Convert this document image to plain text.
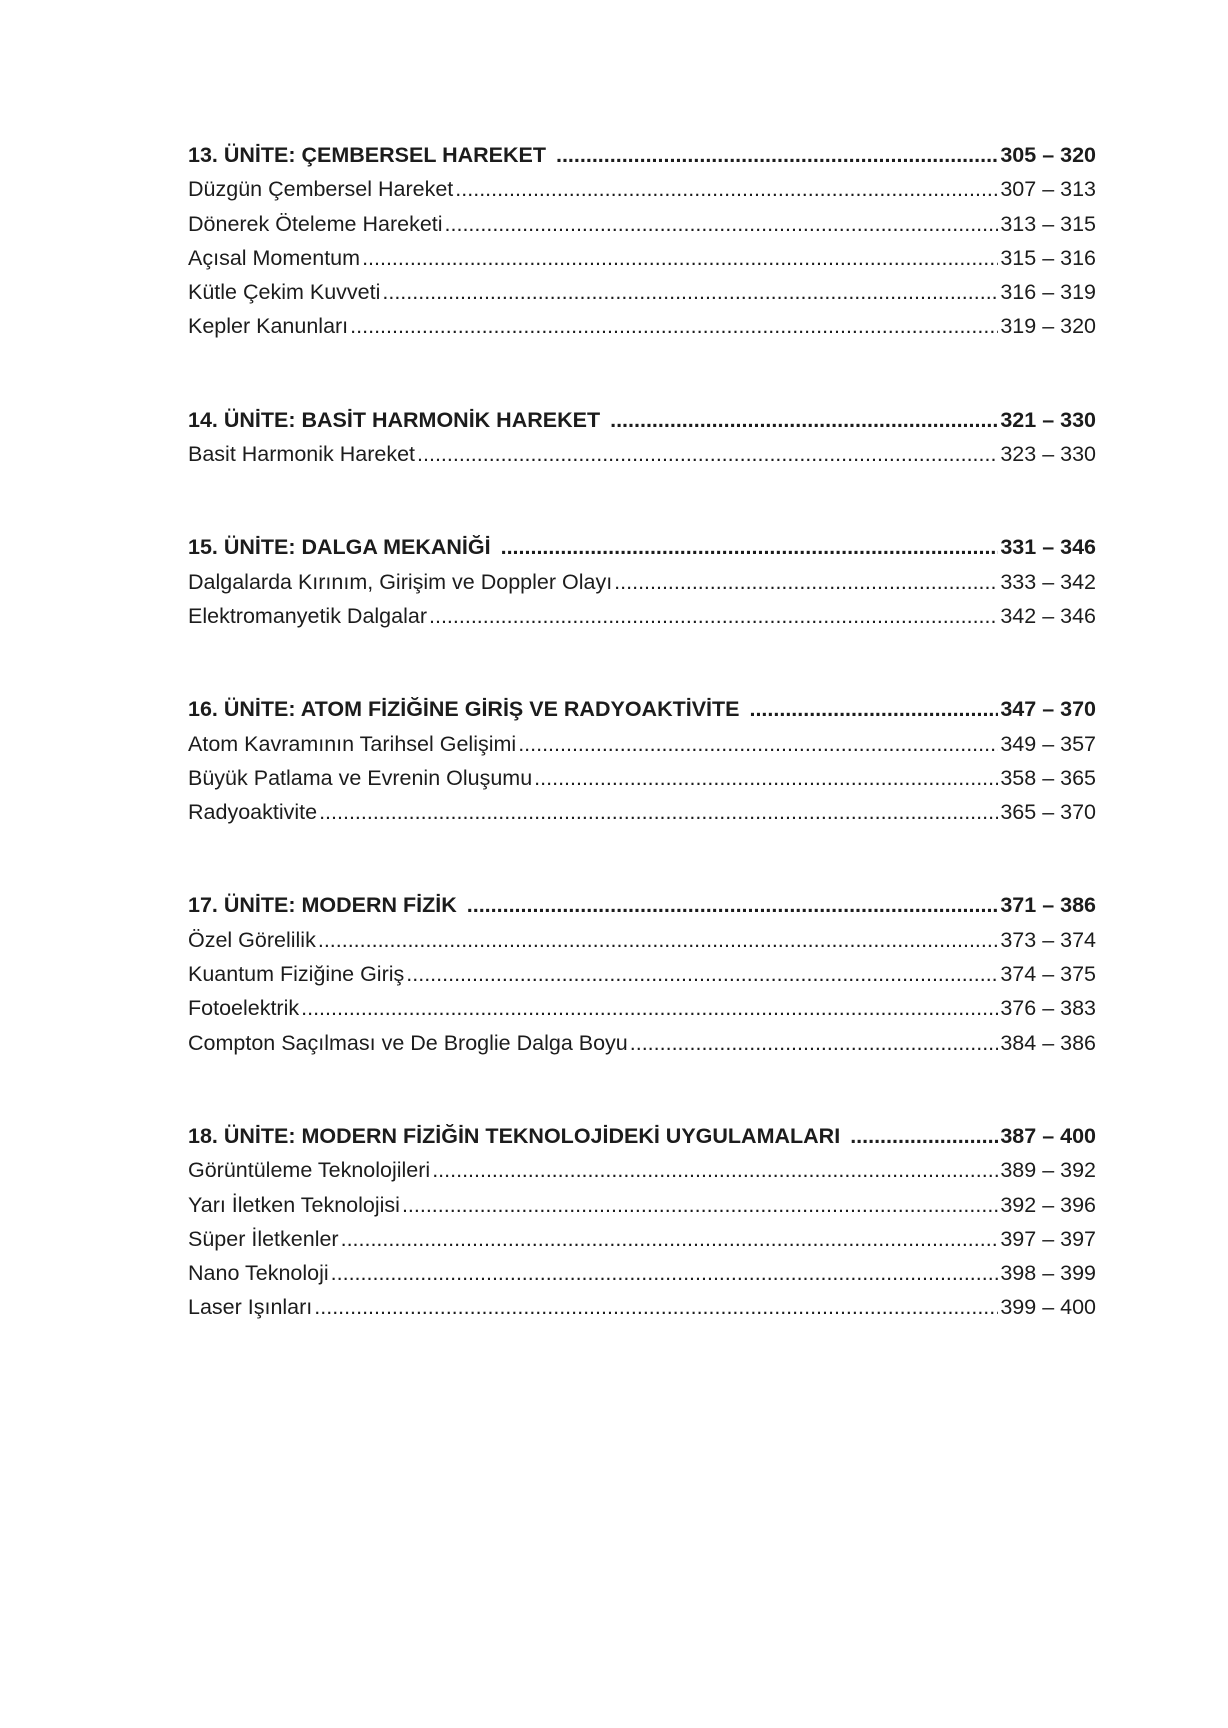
13. ÜNİTE: ÇEMBERSEL HAREKET .....	305 – 320
Düzgün Çembersel Hareket .....	307 – 313
Dönerek Öteleme Hareketi .....	313 – 315
Açısal Momentum .....	315 – 316
Kütle Çekim Kuvveti .....	316 – 319
Kepler Kanunları .....	319 – 320
14. ÜNİTE: BASİT HARMONİK HAREKET .....	321 – 330
Basit Harmonik Hareket .....	323 – 330
15. ÜNİTE: DALGA MEKANİĞİ .....	331 – 346
Dalgalarda Kırınım, Girişim ve Doppler Olayı .....	333 – 342
Elektromanyetik Dalgalar .....	342 – 346
16. ÜNİTE: ATOM FİZİĞİNE GİRİŞ VE RADYOAKTİVİTE .....	347 – 370
Atom Kavramının Tarihsel Gelişimi .....	349 – 357
Büyük Patlama ve Evrenin Oluşumu .....	358 – 365
Radyoaktivite .....	365 – 370
17. ÜNİTE: MODERN FİZİK .....	371 – 386
Özel Görelilik .....	373 – 374
Kuantum Fiziğine Giriş .....	374 – 375
Fotoelektrik .....	376 – 383
Compton Saçılması ve De Broglie Dalga Boyu .....	384 – 386
18. ÜNİTE: MODERN FİZİĞİN TEKNOLOJİDEKİ UYGULAMALARI .....	387 – 400
Görüntüleme Teknolojileri .....	389 – 392
Yarı İletken Teknolojisi .....	392 – 396
Süper İletkenler .....	397 – 397
Nano Teknoloji .....	398 – 399
Laser Işınları .....	399 – 400
